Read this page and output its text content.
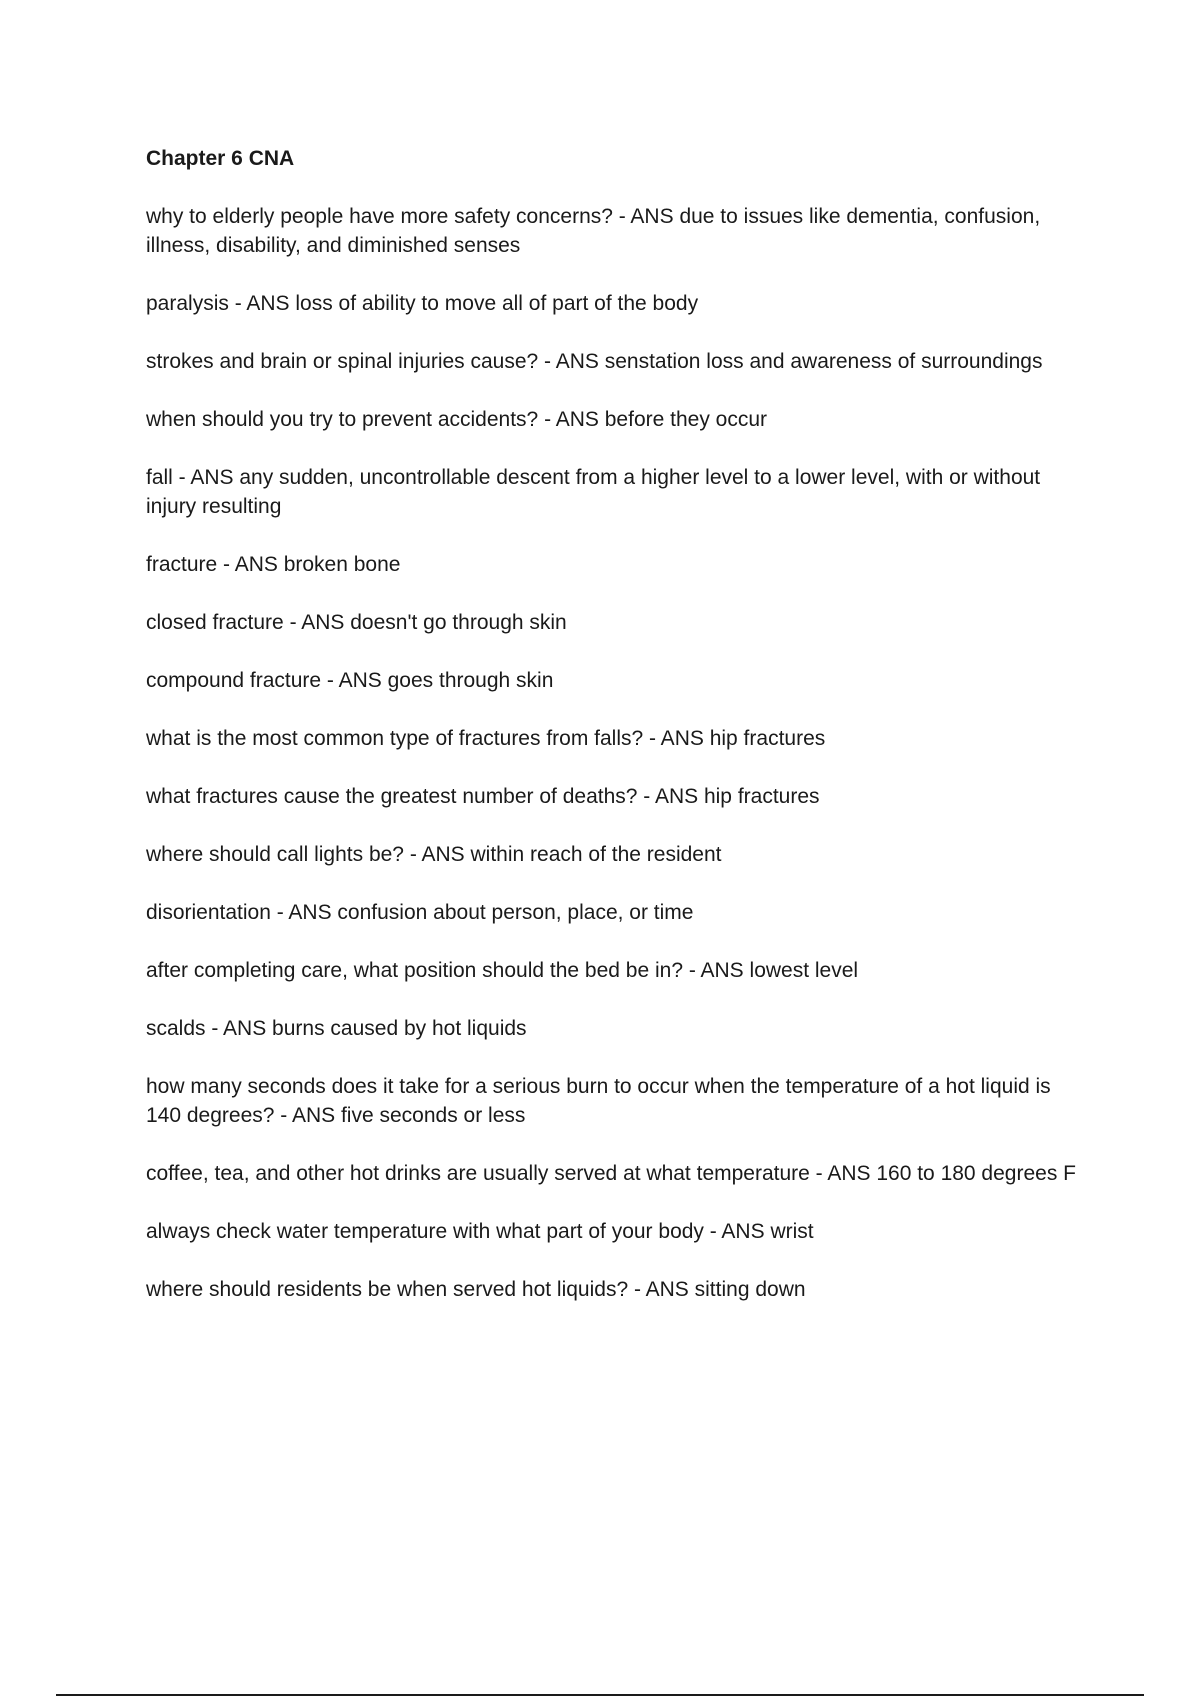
Chapter 6 CNA
why to elderly people have more safety concerns? - ANS due to issues like dementia, confusion, illness, disability, and diminished senses
paralysis - ANS loss of ability to move all of part of the body
strokes and brain or spinal injuries cause? - ANS senstation loss and awareness of surroundings
when should you try to prevent accidents? - ANS before they occur
fall - ANS any sudden, uncontrollable descent from a higher level to a lower level, with or without injury resulting
fracture - ANS broken bone
closed fracture - ANS doesn't go through skin
compound fracture - ANS goes through skin
what is the most common type of fractures from falls? - ANS hip fractures
what fractures cause the greatest number of deaths? - ANS hip fractures
where should call lights be? - ANS within reach of the resident
disorientation - ANS confusion about person, place, or time
after completing care, what position should the bed be in? - ANS lowest level
scalds - ANS burns caused by hot liquids
how many seconds does it take for a serious burn to occur when the temperature of a hot liquid is 140 degrees? - ANS five seconds or less
coffee, tea, and other hot drinks are usually served at what temperature - ANS 160 to 180 degrees F
always check water temperature with what part of your body - ANS wrist
where should residents be when served hot liquids? - ANS sitting down
